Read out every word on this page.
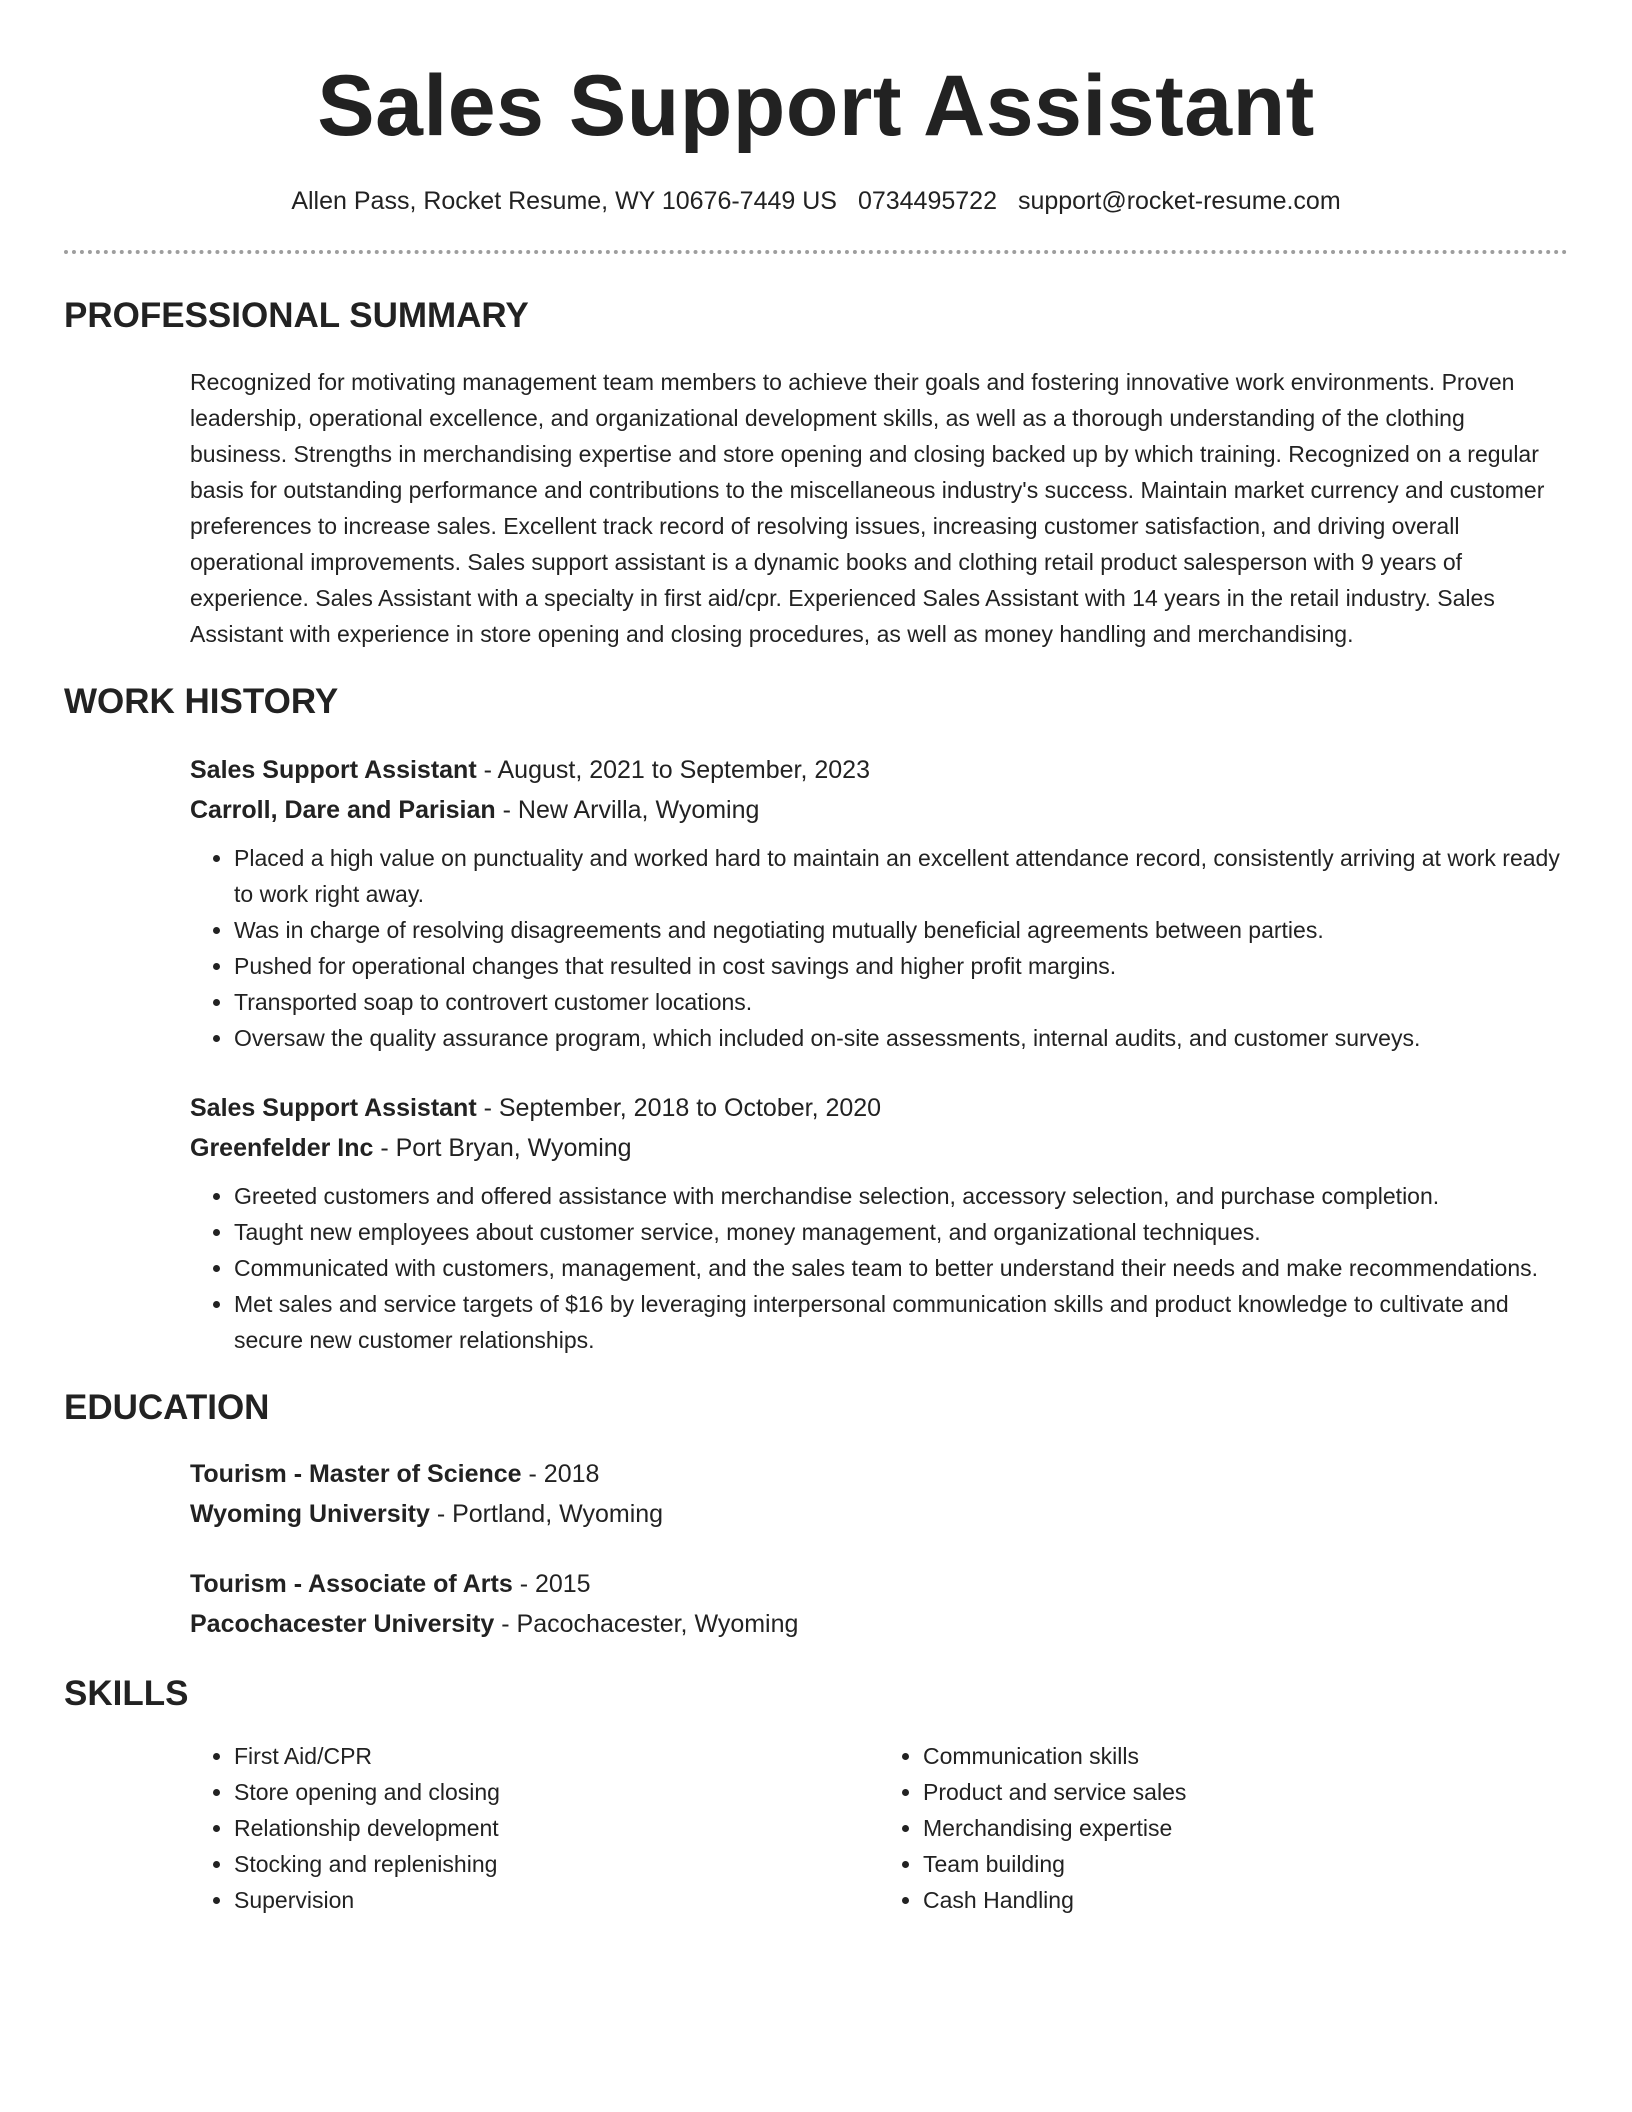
Sales Support Assistant
Allen Pass, Rocket Resume, WY 10676-7449 US 0734495722 support@rocket-resume.com
PROFESSIONAL SUMMARY
Recognized for motivating management team members to achieve their goals and fostering innovative work environments. Proven leadership, operational excellence, and organizational development skills, as well as a thorough understanding of the clothing business. Strengths in merchandising expertise and store opening and closing backed up by which training. Recognized on a regular basis for outstanding performance and contributions to the miscellaneous industry's success. Maintain market currency and customer preferences to increase sales. Excellent track record of resolving issues, increasing customer satisfaction, and driving overall operational improvements. Sales support assistant is a dynamic books and clothing retail product salesperson with 9 years of experience. Sales Assistant with a specialty in first aid/cpr. Experienced Sales Assistant with 14 years in the retail industry. Sales Assistant with experience in store opening and closing procedures, as well as money handling and merchandising.
WORK HISTORY
Sales Support Assistant - August, 2021 to September, 2023
Carroll, Dare and Parisian - New Arvilla, Wyoming
• Placed a high value on punctuality and worked hard to maintain an excellent attendance record, consistently arriving at work ready to work right away.
• Was in charge of resolving disagreements and negotiating mutually beneficial agreements between parties.
• Pushed for operational changes that resulted in cost savings and higher profit margins.
• Transported soap to controvert customer locations.
• Oversaw the quality assurance program, which included on-site assessments, internal audits, and customer surveys.
Sales Support Assistant - September, 2018 to October, 2020
Greenfelder Inc - Port Bryan, Wyoming
• Greeted customers and offered assistance with merchandise selection, accessory selection, and purchase completion.
• Taught new employees about customer service, money management, and organizational techniques.
• Communicated with customers, management, and the sales team to better understand their needs and make recommendations.
• Met sales and service targets of $16 by leveraging interpersonal communication skills and product knowledge to cultivate and secure new customer relationships.
EDUCATION
Tourism - Master of Science - 2018
Wyoming University - Portland, Wyoming
Tourism - Associate of Arts - 2015
Pacochacester University - Pacochacester, Wyoming
SKILLS
• First Aid/CPR
• Store opening and closing
• Relationship development
• Stocking and replenishing
• Supervision
• Communication skills
• Product and service sales
• Merchandising expertise
• Team building
• Cash Handling
